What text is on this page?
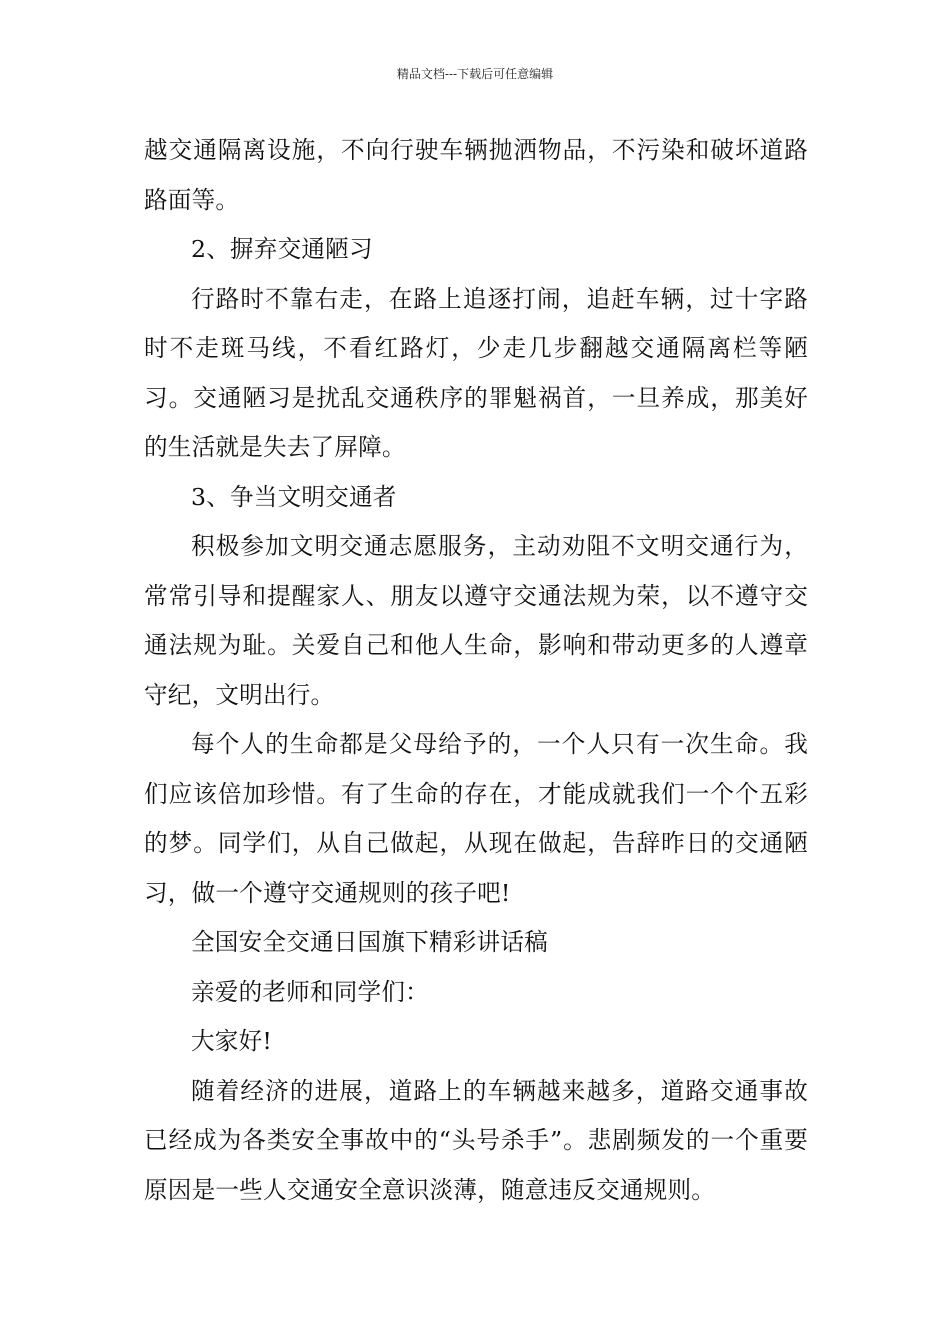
精品文档---下载后可任意编辑

越交通隔离设施，不向行驶车辆抛洒物品，不污染和破坏道路路面等。

2、摒弃交通陋习

行路时不靠右走，在路上追逐打闹，追赶车辆，过十字路时不走斑马线，不看红路灯，少走几步翻越交通隔离栏等陋习。交通陋习是扰乱交通秩序的罪魁祸首，一旦养成，那美好的生活就是失去了屏障。

3、争当文明交通者

积极参加文明交通志愿服务，主动劝阻不文明交通行为，常常引导和提醒家人、朋友以遵守交通法规为荣，以不遵守交通法规为耻。关爱自己和他人生命，影响和带动更多的人遵章守纪，文明出行。

每个人的生命都是父母给予的，一个人只有一次生命。我们应该倍加珍惜。有了生命的存在，才能成就我们一个个五彩的梦。同学们，从自己做起，从现在做起，告辞昨日的交通陋习，做一个遵守交通规则的孩子吧!

全国安全交通日国旗下精彩讲话稿

亲爱的老师和同学们：

大家好!

随着经济的进展，道路上的车辆越来越多，道路交通事故已经成为各类安全事故中的“头号杀手”。悲剧频发的一个重要原因是一些人交通安全意识淡薄，随意违反交通规则。
